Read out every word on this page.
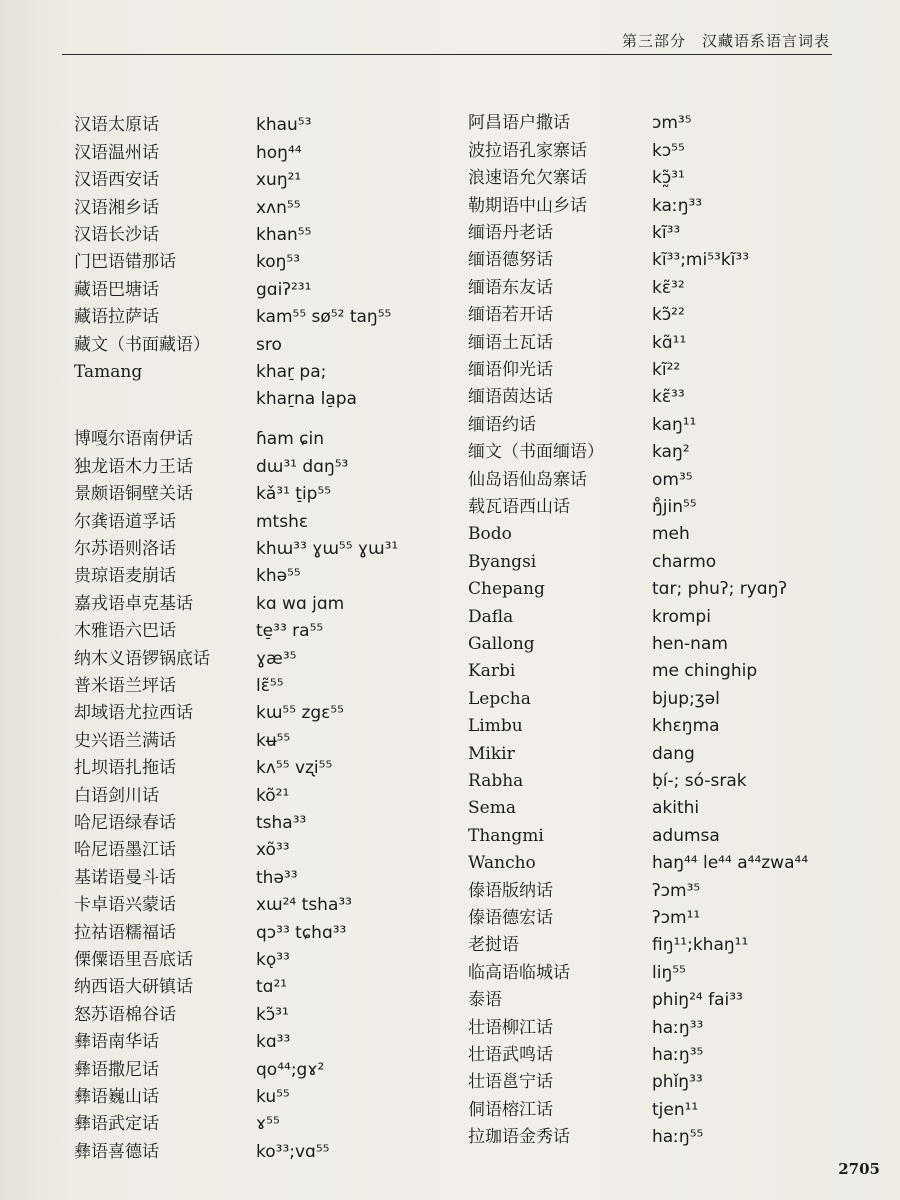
第三部分　汉藏语系语言词表
汉语太原话	khau⁵³
汉语温州话	hoŋ⁴⁴
汉语西安话	xuŋ²¹
汉语湘乡话	xʌn⁵⁵
汉语长沙话	khan⁵⁵
门巴语错那话	koŋ⁵³
藏语巴塘话	gɑiʔ²³¹
藏语拉萨话	kam⁵⁵ sø⁵² taŋ⁵⁵
藏文（书面藏语）	sro
Tamang	khar̠ pa;
khar̠na la̠pa
博嘎尔语南伊话	ɦam ɕin
独龙语木力王话	dɯ³¹ dɑŋ⁵³
景颇语铜壁关话	kǎ³¹ t̠ip⁵⁵
尔龚语道孚话	mtshɛ
尔苏语则洛话	khɯ³³ ɣɯ⁵⁵ ɣɯ³¹
贵琼语麦崩话	khə⁵⁵
嘉戎语卓克基话	kɑ wɑ jɑm
木雅语六巴话	te̠³³ ra⁵⁵
纳木义语锣锅底话	ɣæ³⁵
普米语兰坪话	lɛ̃⁵⁵
却域语尤拉西话	kɯ⁵⁵ zgɛ⁵⁵
史兴语兰满话	kʉ⁵⁵
扎坝语扎拖话	kʌ⁵⁵ vʐi⁵⁵
白语剑川话	kõ²¹
哈尼语绿春话	tsha³³
哈尼语墨江话	xõ³³
基诺语曼斗话	thə³³
卡卓语兴蒙话	xɯ²⁴ tsha³³
拉祜语糯福话	qɔ³³ tɕhɑ³³
傈僳语里吾底话	kǫ³³
纳西语大研镇话	tɑ²¹
怒苏语棉谷话	kɔ̃³¹
彝语南华话	kɑ³³
彝语撒尼话	qo⁴⁴;gɤ²
彝语巍山话	ku⁵⁵
彝语武定话	ɤ⁵⁵
彝语喜德话	ko³³;vɑ⁵⁵
阿昌语户撒话	ɔm³⁵
波拉语孔家寨话	kɔ⁵⁵
浪速语允欠寨话	kɔ̰̃³¹
勒期语中山乡话	kaːŋ³³
缅语丹老话	kĩ³³
缅语德努话	kĩ³³;mi⁵³kĩ³³
缅语东友话	kɛ̃³²
缅语若开话	kɔ̃²²
缅语土瓦话	kɑ̃¹¹
缅语仰光话	kĩ²²
缅语茵达话	kɛ̃³³
缅语约话	kaŋ¹¹
缅文（书面缅语）	kaŋ²
仙岛语仙岛寨话	om³⁵
载瓦语西山话	ŋ̊jin⁵⁵
Bodo	meh
Byangsi	charmo
Chepang	tɑr; phuʔ; ryɑŋʔ
Dafla	krompi
Gallong	hen-nam
Karbi	me chinghip
Lepcha	bjup;ʒəl
Limbu	khɛŋma
Mikir	dang
Rabha	ḅí-; só-srak
Sema	akithi
Thangmi	adumsa
Wancho	haŋ⁴⁴ le⁴⁴ a⁴⁴zwa⁴⁴
傣语版纳话	ʔɔm³⁵
傣语德宏话	ʔɔm¹¹
老挝语	fiŋ¹¹;khaŋ¹¹
临高语临城话	liŋ⁵⁵
泰语	phiŋ²⁴ fai³³
壮语柳江话	haːŋ³³
壮语武鸣话	haːŋ³⁵
壮语邕宁话	phǐŋ³³
侗语榕江话	tjen¹¹
拉珈语金秀话	haːŋ⁵⁵
2705
